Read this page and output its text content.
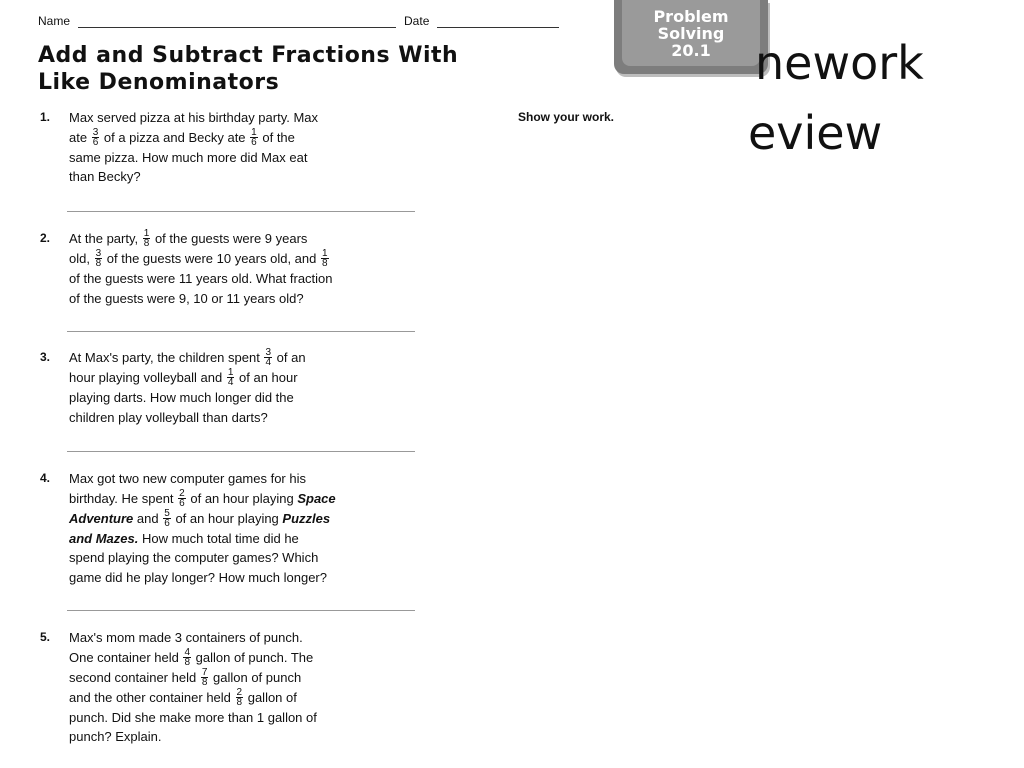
nework
eview
Name	Date
Add and Subtract Fractions With
Like Denominators
Show your work.
1. Max served pizza at his birthday party. Max
ate $\frac{3}{6}$ of a pizza and Becky ate $\frac{1}{6}$ of the
same pizza. How much more did Max eat
than Becky?
2. At the party, $\frac{1}{8}$ of the guests were 9 years
old, $\frac{3}{8}$ of the guests were 10 years old, and $\frac{1}{8}$
of the guests were 11 years old. What fraction
of the guests were 9, 10 or 11 years old?
3. At Max's party, the children spent $\frac{3}{4}$ of an
hour playing volleyball and $\frac{1}{4}$ of an hour
playing darts. How much longer did the
children play volleyball than darts?
4. Max got two new computer games for his
birthday. He spent $\frac{2}{6}$ of an hour playing Space
Adventure and $\frac{5}{6}$ of an hour playing Puzzles
and Mazes. How much total time did he
spend playing the computer games? Which
game did he play longer? How much longer?
5. Max's mom made 3 containers of punch.
One container held $\frac{4}{8}$ gallon of punch. The
second container held $\frac{7}{8}$ gallon of punch
and the other container held $\frac{2}{8}$ gallon of
punch. Did she make more than 1 gallon of
punch? Explain.
Problem
Solving
20.1
